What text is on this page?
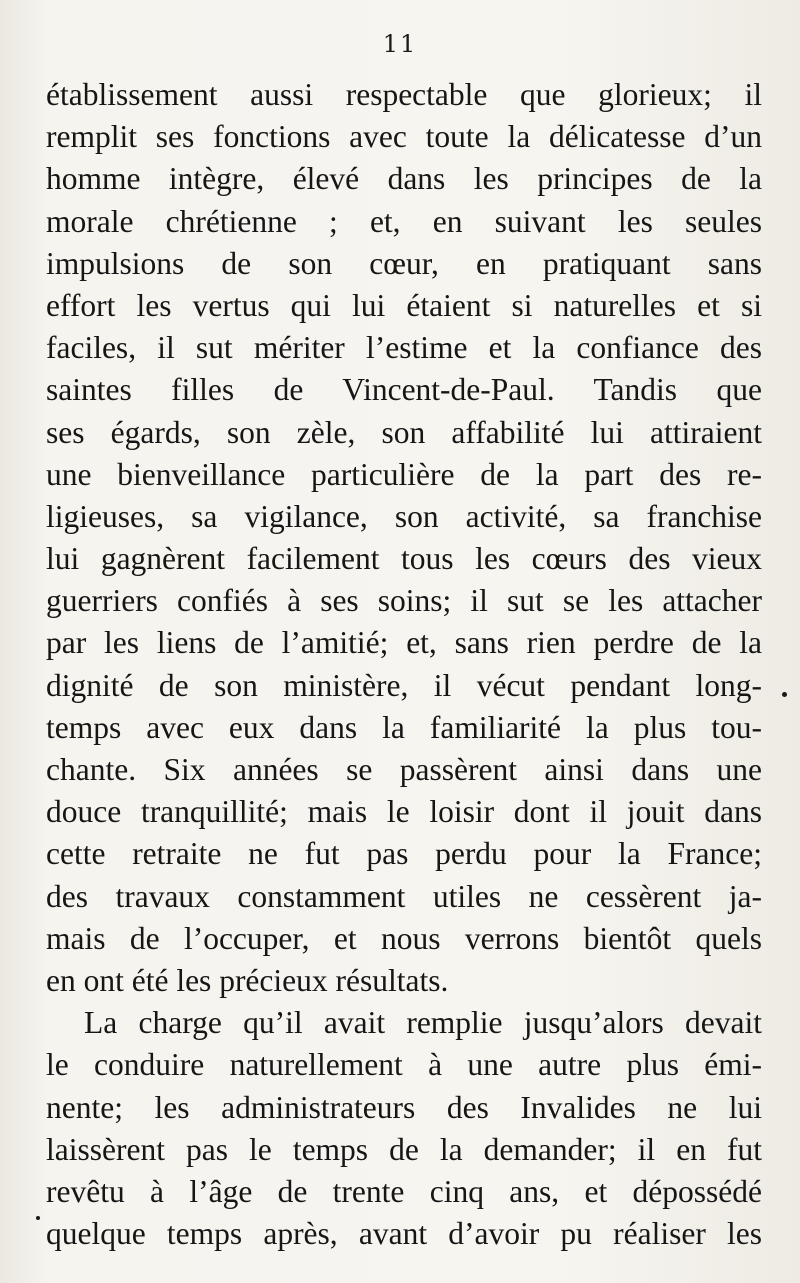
11
établissement aussi respectable que glorieux; il
remplit ses fonctions avec toute la délicatesse d’un
homme intègre, élevé dans les principes de la
morale chrétienne ; et, en suivant les seules
impulsions de son cœur, en pratiquant sans
effort les vertus qui lui étaient si naturelles et si
faciles, il sut mériter l’estime et la confiance des
saintes filles de Vincent-de-Paul. Tandis que
ses égards, son zèle, son affabilité lui attiraient
une bienveillance particulière de la part des re-
ligieuses, sa vigilance, son activité, sa franchise
lui gagnèrent facilement tous les cœurs des vieux
guerriers confiés à ses soins; il sut se les attacher
par les liens de l’amitié; et, sans rien perdre de la
dignité de son ministère, il vécut pendant long-
temps avec eux dans la familiarité la plus tou-
chante. Six années se passèrent ainsi dans une
douce tranquillité; mais le loisir dont il jouit dans
cette retraite ne fut pas perdu pour la France;
des travaux constamment utiles ne cessèrent ja-
mais de l’occuper, et nous verrons bientôt quels
en ont été les précieux résultats.
La charge qu’il avait remplie jusqu’alors devait
le conduire naturellement à une autre plus émi-
nente; les administrateurs des Invalides ne lui
laissèrent pas le temps de la demander; il en fut
revêtu à l’âge de trente cinq ans, et dépossédé
quelque temps après, avant d’avoir pu réaliser les
